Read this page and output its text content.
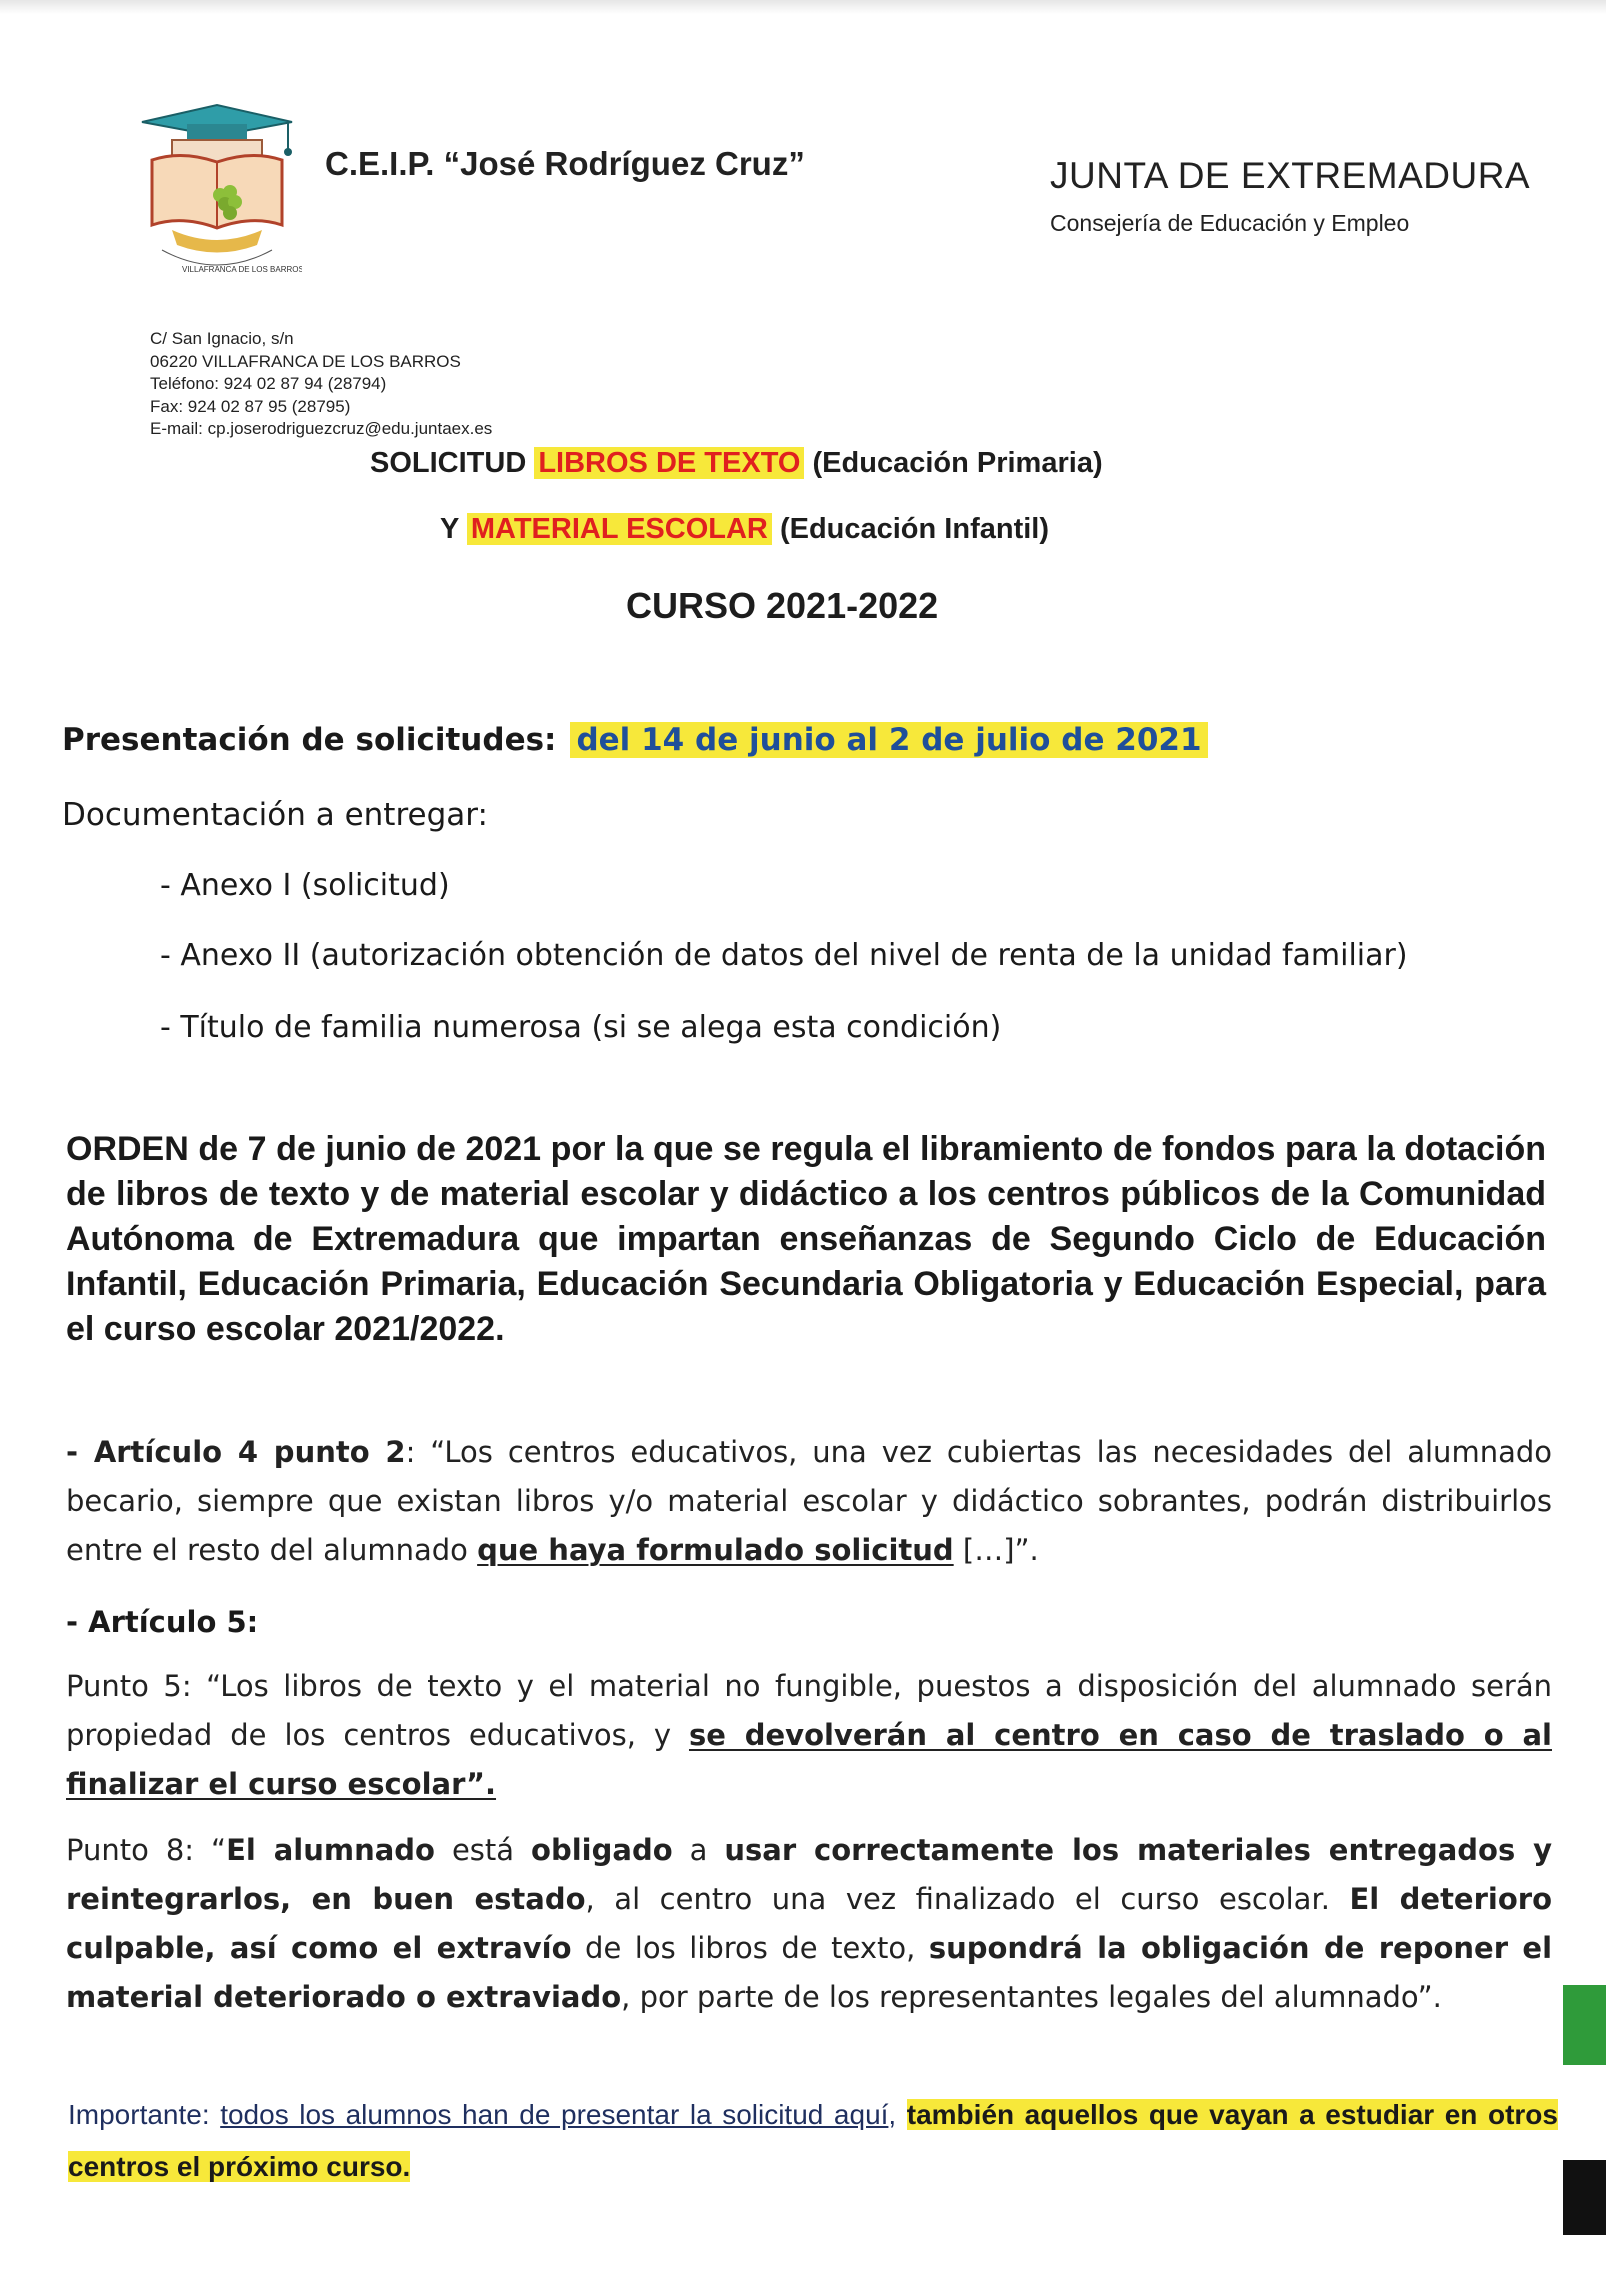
VILLAFRANCA DE LOS BARROS
C.E.I.P. “José Rodríguez Cruz”	JUNTA DE EXTREMADURA
Consejería de Educación y Empleo
C/ San Ignacio, s/n
06220 VILLAFRANCA DE LOS BARROS
Teléfono: 924 02 87 94 (28794)
Fax: 924 02 87 95 (28795)
E-mail: cp.joserodriguezcruz@edu.juntaex.es
SOLICITUD LIBROS DE TEXTO (Educación Primaria)
Y MATERIAL ESCOLAR (Educación Infantil)
CURSO 2021-2022
Presentación de solicitudes: del 14 de junio al 2 de julio de 2021
Documentación a entregar:
- Anexo I (solicitud)
- Anexo II (autorización obtención de datos del nivel de renta de la unidad familiar)
- Título de familia numerosa (si se alega esta condición)
ORDEN de 7 de junio de 2021 por la que se regula el libramiento de fondos para la dotación de libros de texto y de material escolar y didáctico a los centros públicos de la Comunidad Autónoma de Extremadura que impartan enseñanzas de Segundo Ciclo de Educación Infantil, Educación Primaria, Educación Secundaria Obligatoria y Educación Especial, para el curso escolar 2021/2022.
- Artículo 4 punto 2: “Los centros educativos, una vez cubiertas las necesidades del alumnado becario, siempre que existan libros y/o material escolar y didáctico sobrantes, podrán distribuirlos entre el resto del alumnado que haya formulado solicitud […]”.
- Artículo 5:
Punto 5: “Los libros de texto y el material no fungible, puestos a disposición del alumnado serán propiedad de los centros educativos, y se devolverán al centro en caso de traslado o al finalizar el curso escolar”.
Punto 8: “El alumnado está obligado a usar correctamente los materiales entregados y reintegrarlos, en buen estado, al centro una vez finalizado el curso escolar. El deterioro culpable, así como el extravío de los libros de texto, supondrá la obligación de reponer el material deteriorado o extraviado, por parte de los representantes legales del alumnado”.
Importante: todos los alumnos han de presentar la solicitud aquí, también aquellos que vayan a estudiar en otros centros el próximo curso.
